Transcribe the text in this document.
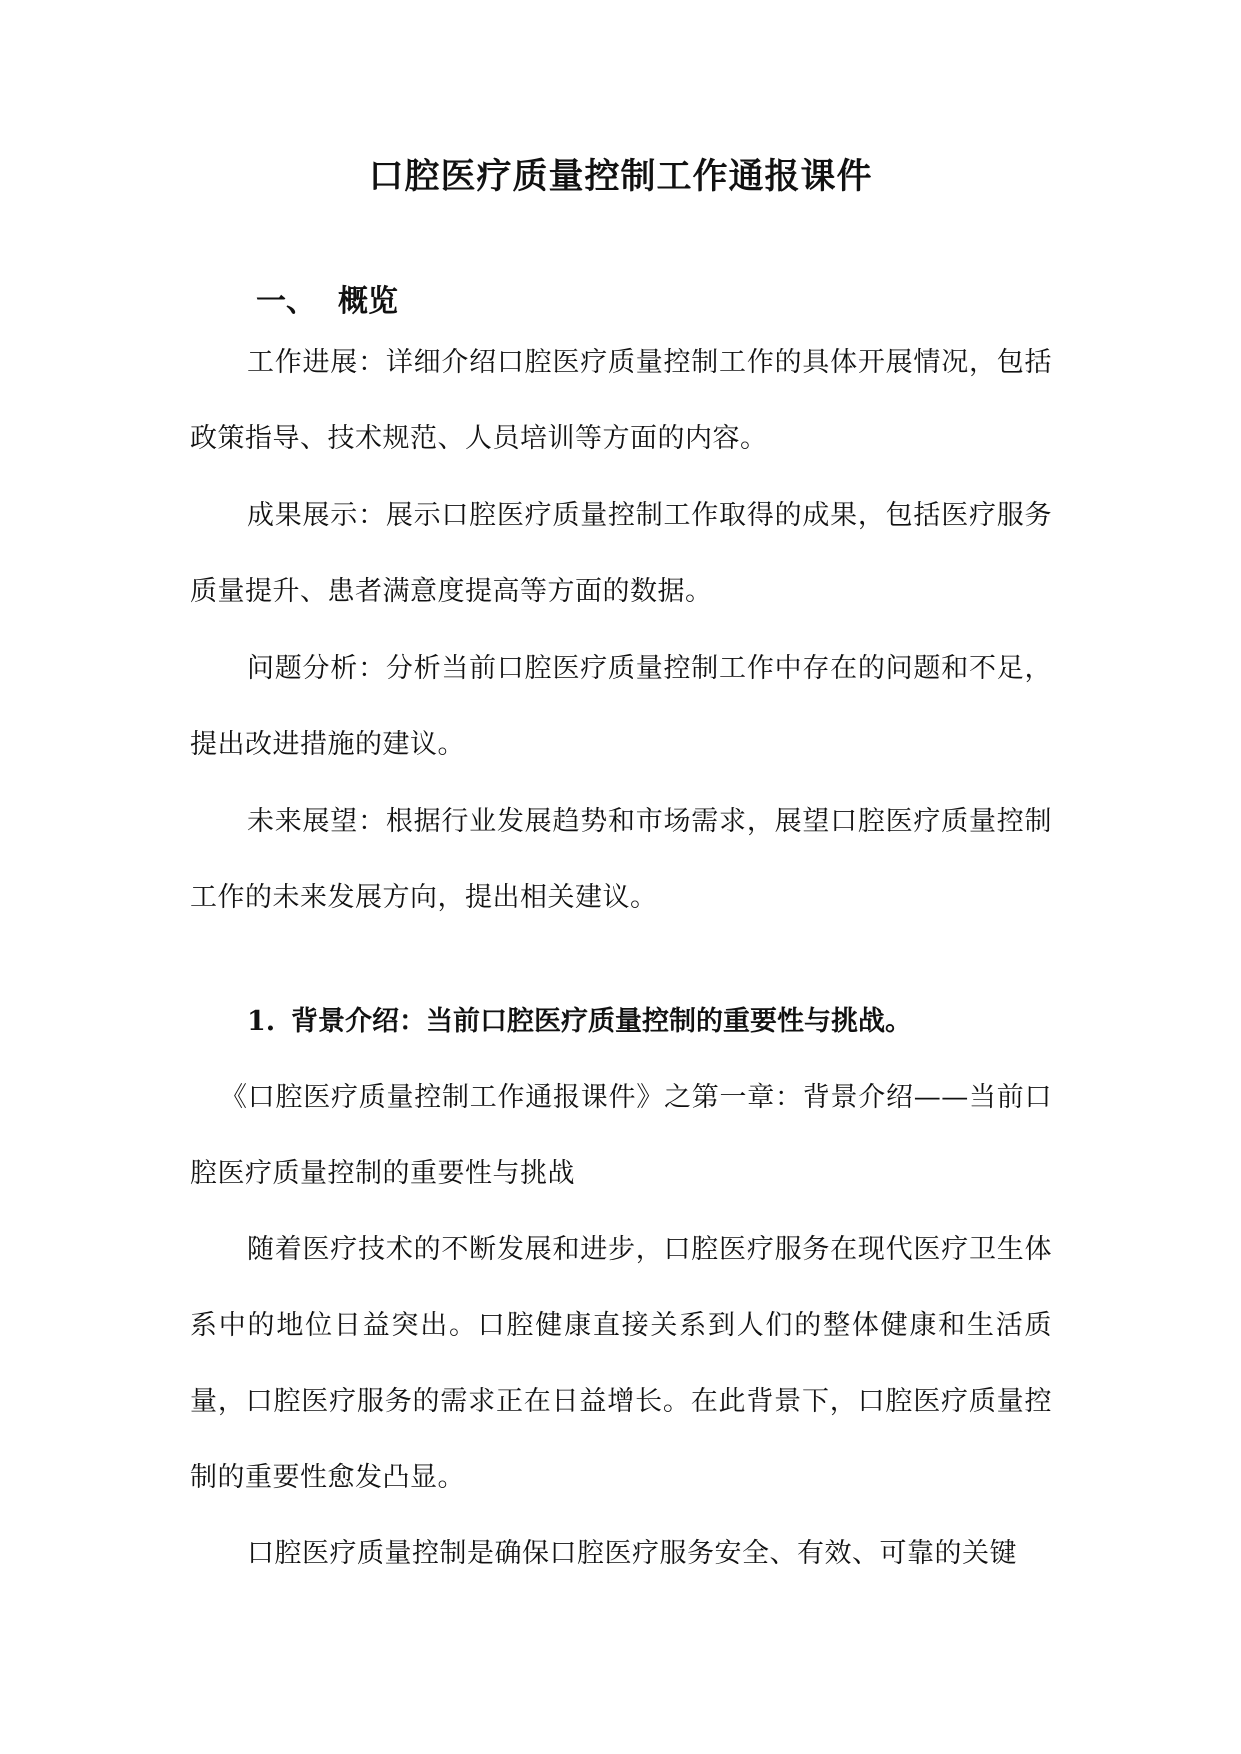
口腔医疗质量控制工作通报课件
一、 概览

工作进展：详细介绍口腔医疗质量控制工作的具体开展情况，包括政策指导、技术规范、人员培训等方面的内容。

成果展示：展示口腔医疗质量控制工作取得的成果，包括医疗服务质量提升、患者满意度提高等方面的数据。

问题分析：分析当前口腔医疗质量控制工作中存在的问题和不足，提出改进措施的建议。

未来展望：根据行业发展趋势和市场需求，展望口腔医疗质量控制工作的未来发展方向，提出相关建议。

1. 背景介绍：当前口腔医疗质量控制的重要性与挑战。

《口腔医疗质量控制工作通报课件》之第一章：背景介绍——当前口腔医疗质量控制的重要性与挑战

随着医疗技术的不断发展和进步，口腔医疗服务在现代医疗卫生体系中的地位日益突出。口腔健康直接关系到人们的整体健康和生活质量，口腔医疗服务的需求正在日益增长。在此背景下，口腔医疗质量控制的重要性愈发凸显。

口腔医疗质量控制是确保口腔医疗服务安全、有效、可靠的关键
